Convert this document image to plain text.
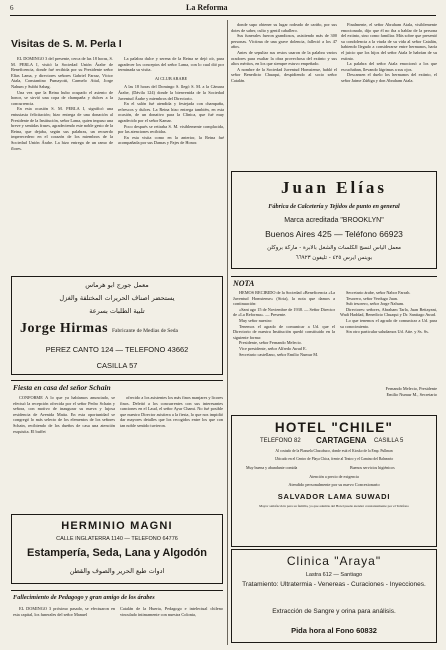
6	La Reforma
Visitas de S. M. Perla I

EL DOMINGO 3 del presente, cerca de las 18 horas, S. M. PERLA I, visitó la Sociedad Unión Árabe de Beneficencia, donde fué recibida por su Presidente señor Elías Lama, y directores señores Gabriel Farraz, Víctor Atala, Constantino Pumayotti, Carmelo Attal, Jorge Nahum y Subhi Sabag.

Una vez que la Reina hubo ocupado el asiento de honor, se sirvió una copa de champaña y dulces a la concurrencia.

En esta ocasión S. M. PERLA I, significó una entusiasta felicitación; hizo entrega de una donación al Presidente de la Institución, señor Lama, quien impuso una breve y sentidas frases, agradeciendo este noble gesto de la Reina, que dejaba, según sus palabras, un recuerdo imperecedero en el corazón de los miembros de la Sociedad Unión Árabe. La hizo entrega de un ramo de flores.

La palabra dulce y serena de la Reina se dejó oír, para agradecer los conceptos del señor Lama, con lo cual dió por terminada su visita.

Al CLUB ARABE

A las 18 horas del Domingo S. llegó S. M. a la Cámara Árabe, (Dávila 124) donde la bienvenida de la Sociedad Juventud Árabe y miembros del Directorio.

En el salón fué atendida y festejada con champaña, refrescos y dulces. La Reina hizo entrega también, en esta ocasión, de un donativo para la Clínica, que fué muy agradecido por el señor Kamar.

Poco después se retiraba S. M. visiblemente complacida, por las atenciones recibidas.

En esta visita como en la anterior, la Reina fué acompañada por sus Damas y Pajes de Honor.

donde supo obtener su lugar rodeado de cariño, por sus dotes de saber, culto y gentil caballero.

Sus funerales fueron grandiosos, asistiendo más de 300 personas. Víctima de una grave dolencia, falleció a los 47 años.

Antes de sepultar sus restos usaron de la palabra varios oradores para exaltar la obra provechosa del extinto y sus altos méritos, en los que siempre estuvo empeñado.

A nombre de la Sociedad Juventud Homsiense, habló el señor Benedicto Chuaqui, despidiendo al socio señor Catalán.

Finalmente, el señor Abraham Atala, visiblemente emocionado, dijo que él no iba a hablar de la persona del extinto, sino como familiar. Más sobre que presentó su condolencia a la viuda de su vida al señor Catalán, habiendo llegado a considerarse entre hermanos, haría el juicio que los hijos del señor Atala le habrían de su extinto.

La palabra del señor Atala emocionó a los que escuchaban, llevando lágrimas a sus ojos.

Descansen el duelo los hermanos del extinto, el señor Jaime Zúñiga y don Abraham Atala.

Juan Elías
Fábrica de Calcetería y Tejidos de punto en general
Marca acreditada "BROOKLYN"
Buenos Aires 425 — Teléfono 66923
معمل الياس لنسج الكلسات والشغل بالابرة - ماركة بروكلن
بوينس ايرس ٤٢٥ - تليفون ٦٦٩٢٣
معمل جورج ابو هرماس
يستحضر اصناف الحريرات المختلفة والغزل
تلبية الطلبات بسرعة
Jorge Hirmas Fabricante de Medias de Seda
PEREZ CANTO 124 — TELEFONO 43662
CASILLA 57
NOTA

HEMOS RECIBIDO de la Sociedad «Beneficencia «La Juventud Homsiense» (Siria), la nota que damos a continuación:

«Sant ago 15 de Noviembre de 1938. — Señor Director de «La Reforma». — Presente.

Muy señor nuestro:

Tenemos el agrado de comunicar a Ud. que el Directorio de nuestra Institución quedó constituido en la siguiente forma:

Presidente, señor Fernando Melecio.

Vice presidente, señor Alfredo Awad E.

Secretario castellano, señor Emilio Numur M.

Secretario árabe, señor Nabor Farrah.

Tesorero, señor Verdugo Juan.

Sub tesorero, señor Jorge Nahum.

Directores: señores, Abraham Tarla, Juan Bettayani, Wadi Haddad, Benedicto Chuaqui y Dr. Santiago Awad.

Lo que tenemos el agrado de comunicar a Ud. para su conocimiento.

Sin otro particular saludamos Ud. Atte. y Ss. Ss.

Fernando Melecio, Presidente
Emilio Numur M., Secretario
Fiesta en casa del señor Schain

CONFORME A lo que ya habíamos anunciado, se efectuó la recepción ofrecida por el señor Pedro Schain y señora, con motivo de inaugurar su nueva y lujosa residencia de Avenida Matta. En esta oportunidad se congregó lo más selecto de los elementos de los señores Schain, recibiendo de los dueños de casa una atención exquisita. El buffet

ofrecido a los asistentes los más finos manjares y licores finos. Deleitó a los concurrentes con sus interesantes canciones en el Laud, el señor Ayur Chami. No fué posible que nuestro Director asistiera a la fiesta, lo que nos impidió dar mayores detalles que los recogidos entre los que con tan noble sentido tuvieron.	HOTEL "CHILE"
TELEFONO 82 CARTAGENA CASILLA 5
Al costado de la Plazuela Chacabuco, donde está el Kiosko de la Emp. Pullman
Ubicado en el Centro de Playa Chica, frente al Teatro y el Camino del Balneario
Muy buena y abundante comida	Buenos servicios higiénicos
Atención a precio de exigencia
Atendido personalmente por su nuevo Concesionario
SALVADOR LAMA SUWADI
Mayor satisfacción para su familia, ya que además del Hotel puede atender constantemente por el Teléfono
HERMINIO MAGNI
CALLE INGLATERRA 1140 — TELEFONO 64776
Estampería, Seda, Lana y Algodón
ادوات طبع الحرير والصوف والقطن
Clinica "Araya"
Lastra 612 — Santiago
Tratamiento: Ultratermia - Venereas - Curaciones - Inyecciones.
Extracción de Sangre y orina para análisis.
Pida hora al Fono 60832
Fallecimiento de Pedagogo y gran amigo de los árabes

EL DOMINGO 3 próximo pasado, se efectuaron en esta capital, los funerales del señor Manuel

Catalán de la Huerta, Pedagogo e intelectual chileno vinculado íntimamente con nuestra Colonia,
